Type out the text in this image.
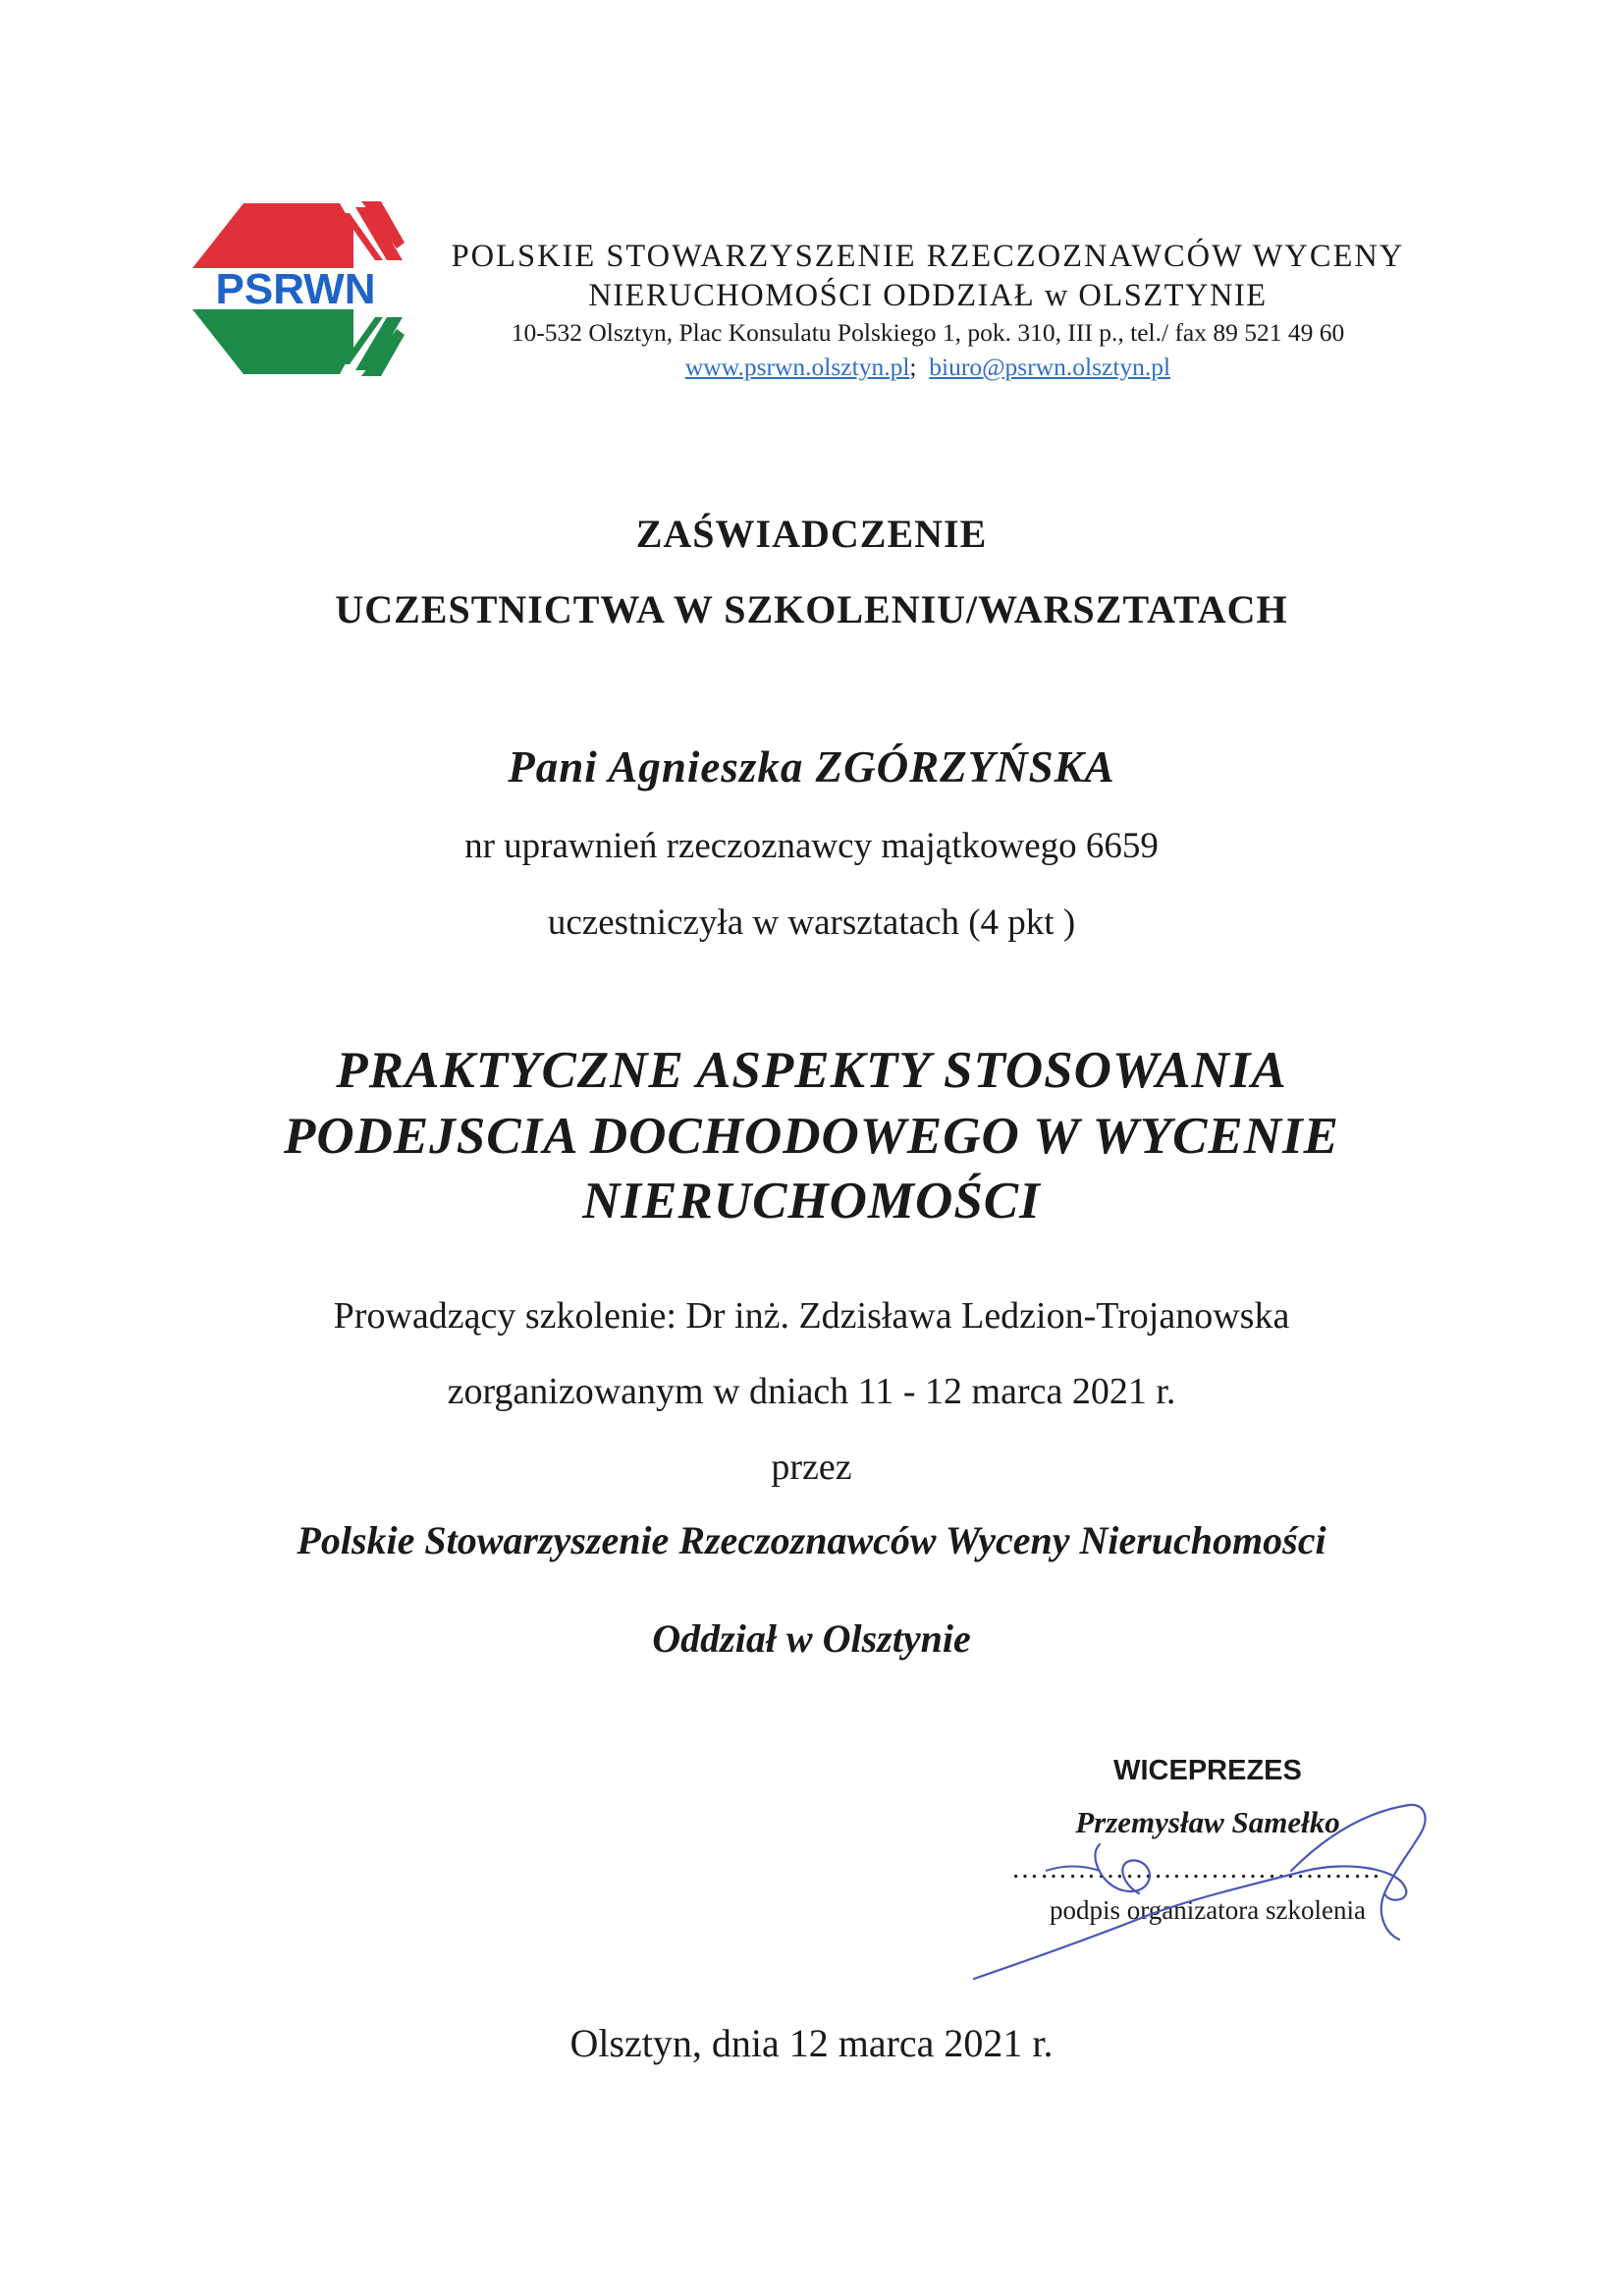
PSRWN
POLSKIE STOWARZYSZENIE RZECZOZNAWCÓW WYCENY
NIERUCHOMOŚCI ODDZIAŁ w OLSZTYNIE
10-532 Olsztyn, Plac Konsulatu Polskiego 1, pok. 310, III p., tel./ fax 89 521 49 60
www.psrwn.olsztyn.pl; biuro@psrwn.olsztyn.pl
ZAŚWIADCZENIE
UCZESTNICTWA W SZKOLENIU/WARSZTATACH
Pani Agnieszka ZGÓRZYŃSKA
nr uprawnień rzeczoznawcy majątkowego 6659
uczestniczyła w warsztatach (4 pkt )
PRAKTYCZNE ASPEKTY STOSOWANIA
PODEJSCIA DOCHODOWEGO W WYCENIE
NIERUCHOMOŚCI
Prowadzący szkolenie: Dr inż. Zdzisława Ledzion-Trojanowska
zorganizowanym w dniach 11 - 12 marca 2021 r.
przez
Polskie Stowarzyszenie Rzeczoznawców Wyceny Nieruchomości
Oddział w Olsztynie
WICEPREZES
Przemysław Samełko
…………………………………
podpis organizatora szkolenia
Olsztyn, dnia 12 marca 2021 r.
